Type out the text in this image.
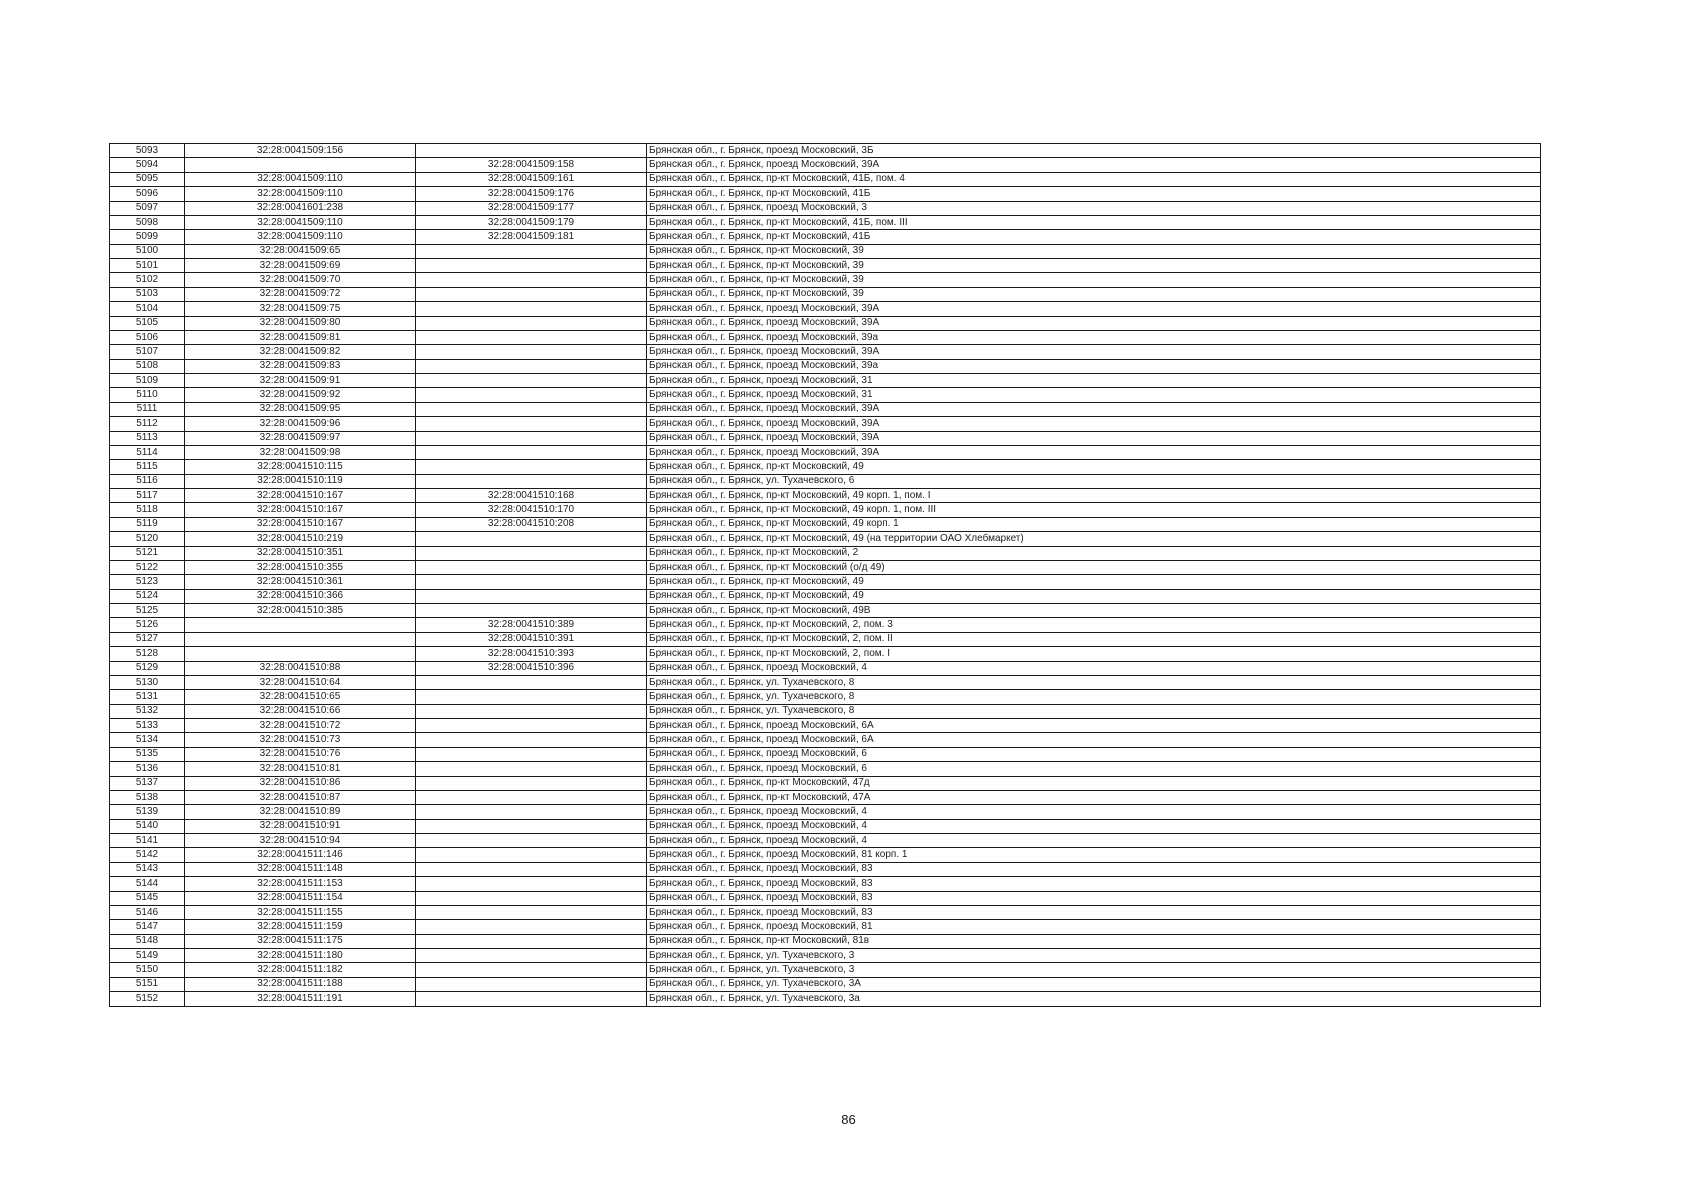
5093	32:28:0041509:156		Брянская обл., г. Брянск, проезд Московский, 3Б
5094		32:28:0041509:158	Брянская обл., г. Брянск, проезд Московский, 39А
5095	32:28:0041509:110	32:28:0041509:161	Брянская обл., г. Брянск, пр-кт Московский, 41Б, пом. 4
5096	32:28:0041509:110	32:28:0041509:176	Брянская обл., г. Брянск, пр-кт Московский, 41Б
5097	32:28:0041601:238	32:28:0041509:177	Брянская обл., г. Брянск, проезд Московский, 3
5098	32:28:0041509:110	32:28:0041509:179	Брянская обл., г. Брянск, пр-кт Московский, 41Б, пом. III
5099	32:28:0041509:110	32:28:0041509:181	Брянская обл., г. Брянск, пр-кт Московский, 41Б
5100	32:28:0041509:65		Брянская обл., г. Брянск, пр-кт Московский, 39
5101	32:28:0041509:69		Брянская обл., г. Брянск, пр-кт Московский, 39
5102	32:28:0041509:70		Брянская обл., г. Брянск, пр-кт Московский, 39
5103	32:28:0041509:72		Брянская обл., г. Брянск, пр-кт Московский, 39
5104	32:28:0041509:75		Брянская обл., г. Брянск, проезд Московский, 39А
5105	32:28:0041509:80		Брянская обл., г. Брянск, проезд Московский, 39А
5106	32:28:0041509:81		Брянская обл., г. Брянск, проезд Московский, 39а
5107	32:28:0041509:82		Брянская обл., г. Брянск, проезд Московский, 39А
5108	32:28:0041509:83		Брянская обл., г. Брянск, проезд Московский, 39а
5109	32:28:0041509:91		Брянская обл., г. Брянск, проезд Московский, 31
5110	32:28:0041509:92		Брянская обл., г. Брянск, проезд Московский, 31
5111	32:28:0041509:95		Брянская обл., г. Брянск, проезд Московский, 39А
5112	32:28:0041509:96		Брянская обл., г. Брянск, проезд Московский, 39А
5113	32:28:0041509:97		Брянская обл., г. Брянск, проезд Московский, 39А
5114	32:28:0041509:98		Брянская обл., г. Брянск, проезд Московский, 39А
5115	32:28:0041510:115		Брянская обл., г. Брянск, пр-кт Московский, 49
5116	32:28:0041510:119		Брянская обл., г. Брянск, ул. Тухачевского, 6
5117	32:28:0041510:167	32:28:0041510:168	Брянская обл., г. Брянск, пр-кт Московский, 49 корп. 1, пом. I
5118	32:28:0041510:167	32:28:0041510:170	Брянская обл., г. Брянск, пр-кт Московский, 49 корп. 1, пом. III
5119	32:28:0041510:167	32:28:0041510:208	Брянская обл., г. Брянск, пр-кт Московский, 49 корп. 1
5120	32:28:0041510:219		Брянская обл., г. Брянск, пр-кт Московский, 49 (на территории ОАО Хлебмаркет)
5121	32:28:0041510:351		Брянская обл., г. Брянск, пр-кт Московский, 2
5122	32:28:0041510:355		Брянская обл., г. Брянск, пр-кт Московский (о/д 49)
5123	32:28:0041510:361		Брянская обл., г. Брянск, пр-кт Московский, 49
5124	32:28:0041510:366		Брянская обл., г. Брянск, пр-кт Московский, 49
5125	32:28:0041510:385		Брянская обл., г. Брянск, пр-кт Московский, 49В
5126		32:28:0041510:389	Брянская обл., г. Брянск, пр-кт Московский, 2, пом. 3
5127		32:28:0041510:391	Брянская обл., г. Брянск, пр-кт Московский, 2, пом. II
5128		32:28:0041510:393	Брянская обл., г. Брянск, пр-кт Московский, 2, пом. I
5129	32:28:0041510:88	32:28:0041510:396	Брянская обл., г. Брянск, проезд Московский, 4
5130	32:28:0041510:64		Брянская обл., г. Брянск, ул. Тухачевского, 8
5131	32:28:0041510:65		Брянская обл., г. Брянск, ул. Тухачевского, 8
5132	32:28:0041510:66		Брянская обл., г. Брянск, ул. Тухачевского, 8
5133	32:28:0041510:72		Брянская обл., г. Брянск, проезд Московский, 6А
5134	32:28:0041510:73		Брянская обл., г. Брянск, проезд Московский, 6А
5135	32:28:0041510:76		Брянская обл., г. Брянск, проезд Московский, 6
5136	32:28:0041510:81		Брянская обл., г. Брянск, проезд Московский, 6
5137	32:28:0041510:86		Брянская обл., г. Брянск, пр-кт Московский, 47д
5138	32:28:0041510:87		Брянская обл., г. Брянск, пр-кт Московский, 47А
5139	32:28:0041510:89		Брянская обл., г. Брянск, проезд Московский, 4
5140	32:28:0041510:91		Брянская обл., г. Брянск, проезд Московский, 4
5141	32:28:0041510:94		Брянская обл., г. Брянск, проезд Московский, 4
5142	32:28:0041511:146		Брянская обл., г. Брянск, проезд Московский, 81 корп. 1
5143	32:28:0041511:148		Брянская обл., г. Брянск, проезд Московский, 83
5144	32:28:0041511:153		Брянская обл., г. Брянск, проезд Московский, 83
5145	32:28:0041511:154		Брянская обл., г. Брянск, проезд Московский, 83
5146	32:28:0041511:155		Брянская обл., г. Брянск, проезд Московский, 83
5147	32:28:0041511:159		Брянская обл., г. Брянск, проезд Московский, 81
5148	32:28:0041511:175		Брянская обл., г. Брянск, пр-кт Московский, 81в
5149	32:28:0041511:180		Брянская обл., г. Брянск, ул. Тухачевского, 3
5150	32:28:0041511:182		Брянская обл., г. Брянск, ул. Тухачевского, 3
5151	32:28:0041511:188		Брянская обл., г. Брянск, ул. Тухачевского, 3А
5152	32:28:0041511:191		Брянская обл., г. Брянск, ул. Тухачевского, 3а
86
